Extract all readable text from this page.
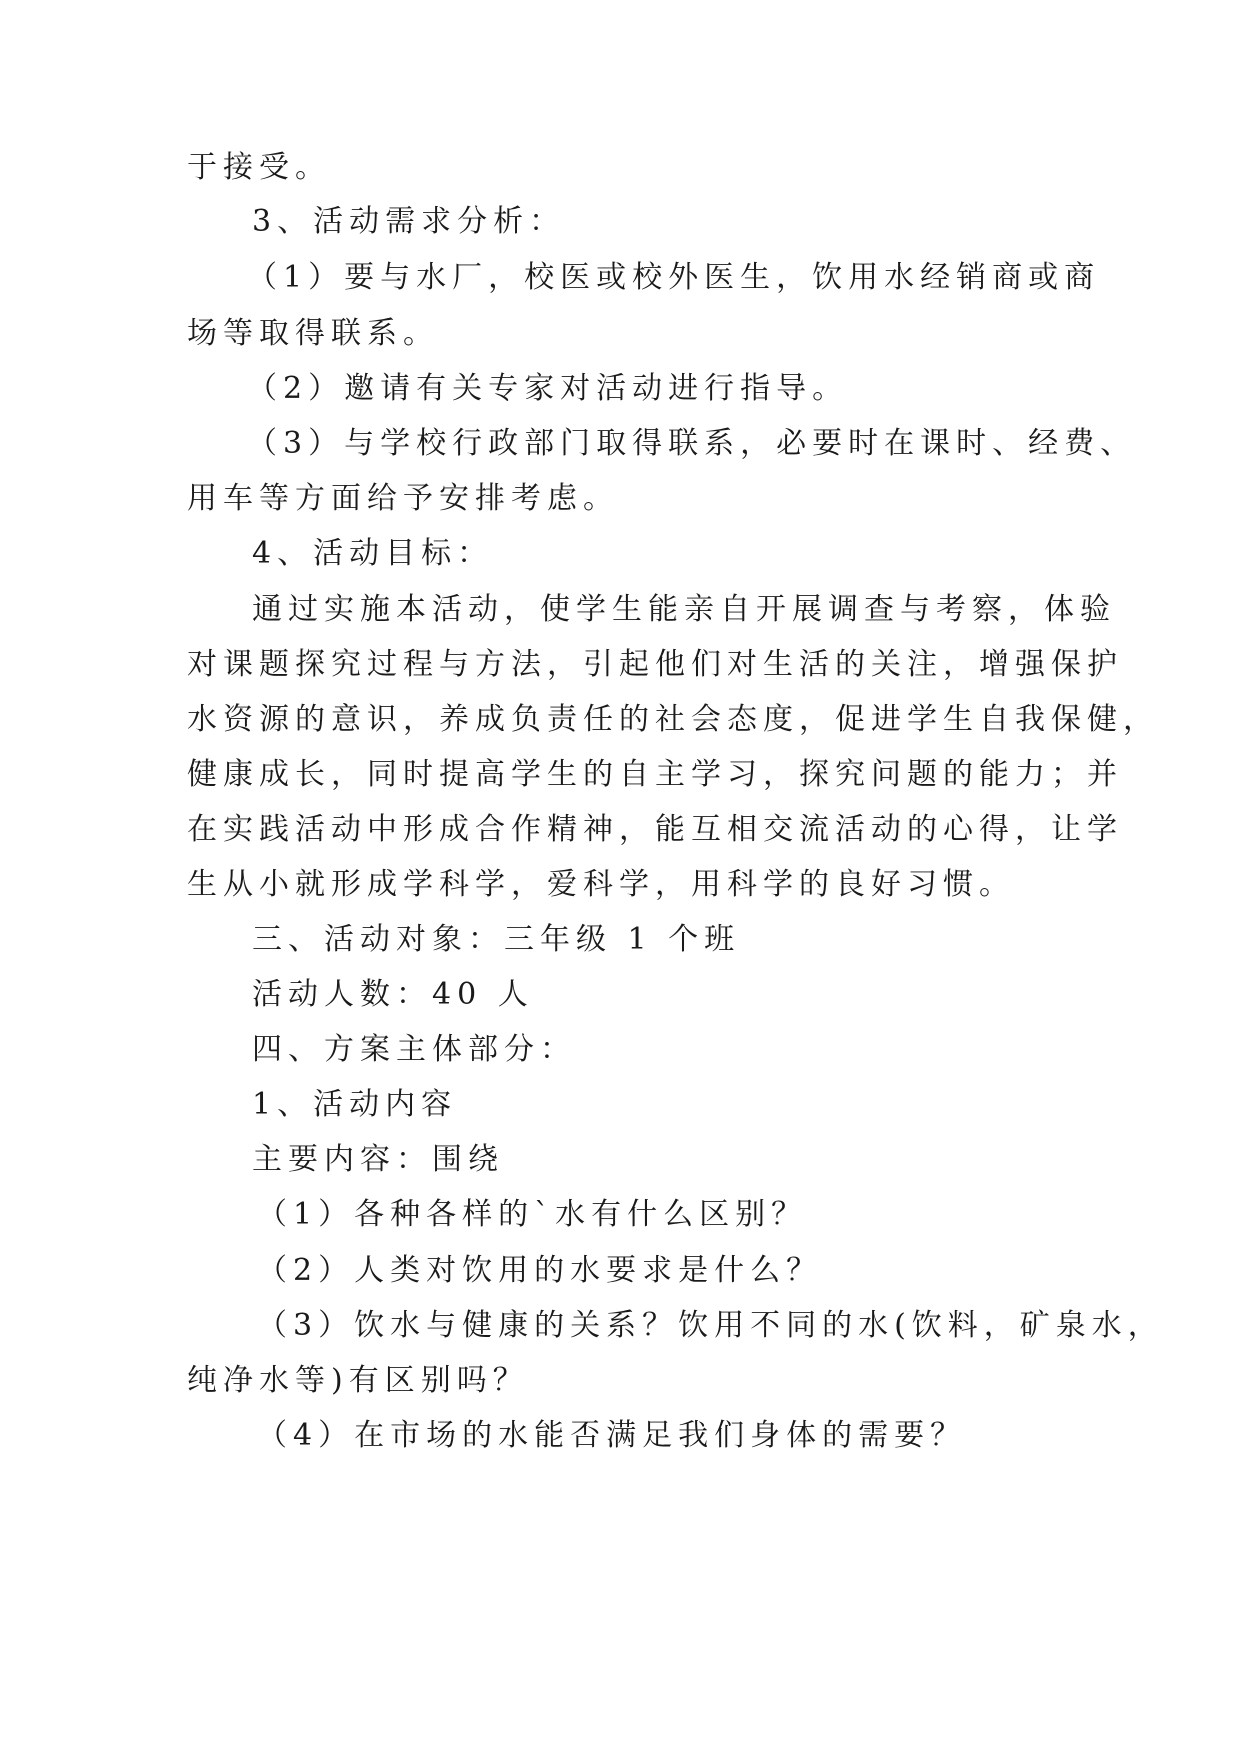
于接受。

3、活动需求分析：

（1）要与水厂，校医或校外医生，饮用水经销商或商

场等取得联系。

（2）邀请有关专家对活动进行指导。

（3）与学校行政部门取得联系，必要时在课时、经费、

用车等方面给予安排考虑。

4、活动目标：

通过实施本活动，使学生能亲自开展调查与考察，体验

对课题探究过程与方法，引起他们对生活的关注，增强保护

水资源的意识，养成负责任的社会态度，促进学生自我保健，

健康成长，同时提高学生的自主学习，探究问题的能力；并

在实践活动中形成合作精神，能互相交流活动的心得，让学

生从小就形成学科学，爱科学，用科学的良好习惯。

三、活动对象：三年级 1 个班

活动人数：40 人

四、方案主体部分：

1、活动内容

主要内容：围绕

（1）各种各样的`水有什么区别？

（2）人类对饮用的水要求是什么？

（3）饮水与健康的关系？饮用不同的水(饮料，矿泉水，

纯净水等)有区别吗？

（4）在市场的水能否满足我们身体的需要？
